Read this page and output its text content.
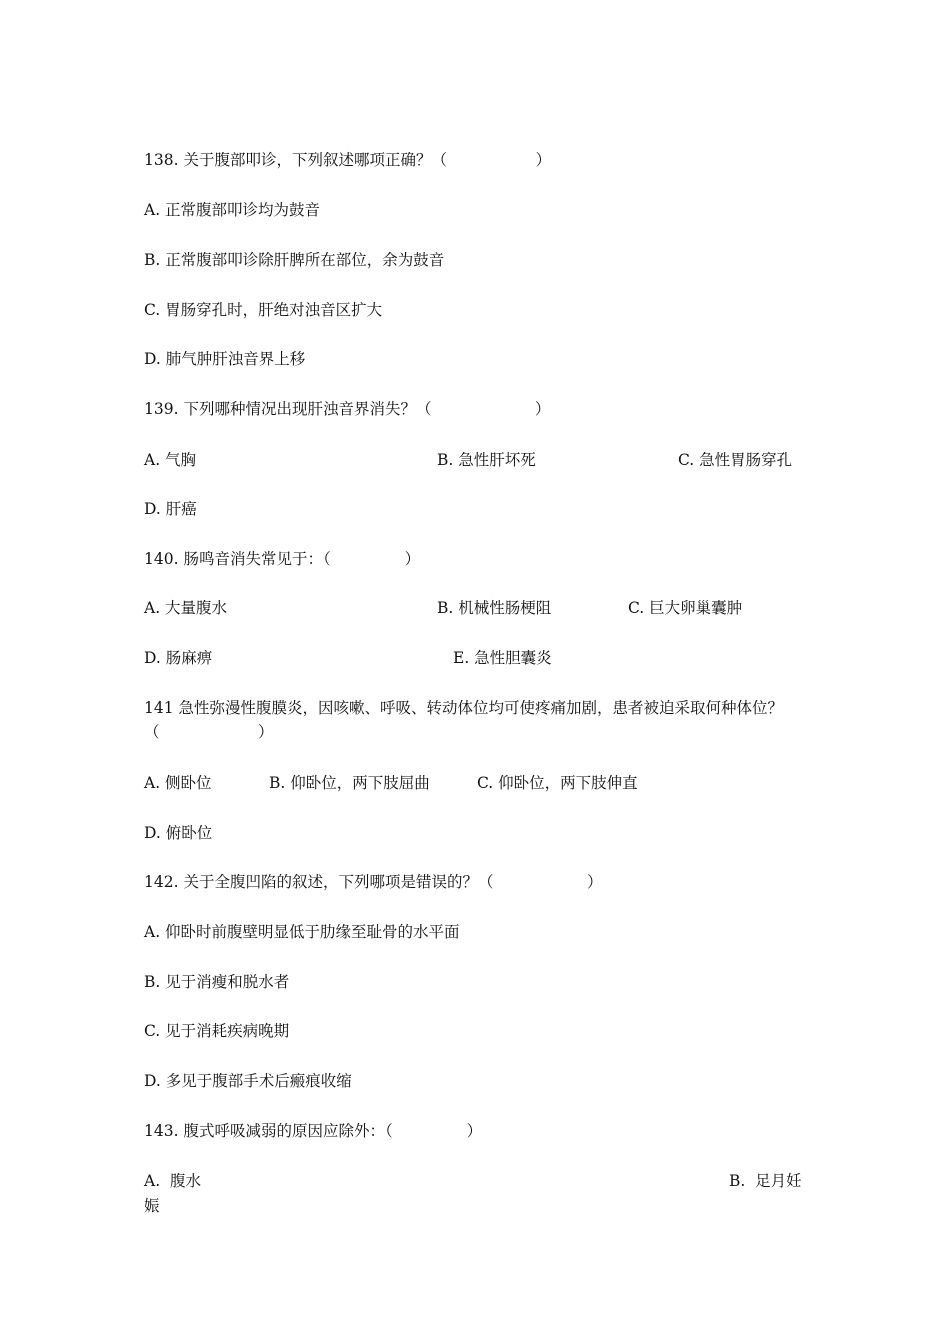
138. 关于腹部叩诊，下列叙述哪项正确？（                  ）
A. 正常腹部叩诊均为鼓音
B. 正常腹部叩诊除肝脾所在部位，余为鼓音
C. 胃肠穿孔时，肝绝对浊音区扩大
D. 肺气肿肝浊音界上移
139. 下列哪种情况出现肝浊音界消失？（                     ）
A. 气胸	B. 急性肝坏死	C. 急性胃肠穿孔
D. 肝癌
140. 肠鸣音消失常见于：（               ）
A. 大量腹水	B. 机械性肠梗阻	C. 巨大卵巢囊肿
D. 肠麻痹	E. 急性胆囊炎
141 急性弥漫性腹膜炎，因咳嗽、呼吸、转动体位均可使疼痛加剧，患者被迫采取何种体位？
（                    ）
A. 侧卧位	B. 仰卧位，两下肢屈曲	C. 仰卧位，两下肢伸直
D. 俯卧位
142. 关于全腹凹陷的叙述，下列哪项是错误的？（                   ）
A. 仰卧时前腹壁明显低于肋缘至耻骨的水平面
B. 见于消瘦和脱水者
C. 见于消耗疾病晚期
D. 多见于腹部手术后瘢痕收缩
143. 腹式呼吸减弱的原因应除外：（               ）
A.  腹水	B.  足月妊
娠
